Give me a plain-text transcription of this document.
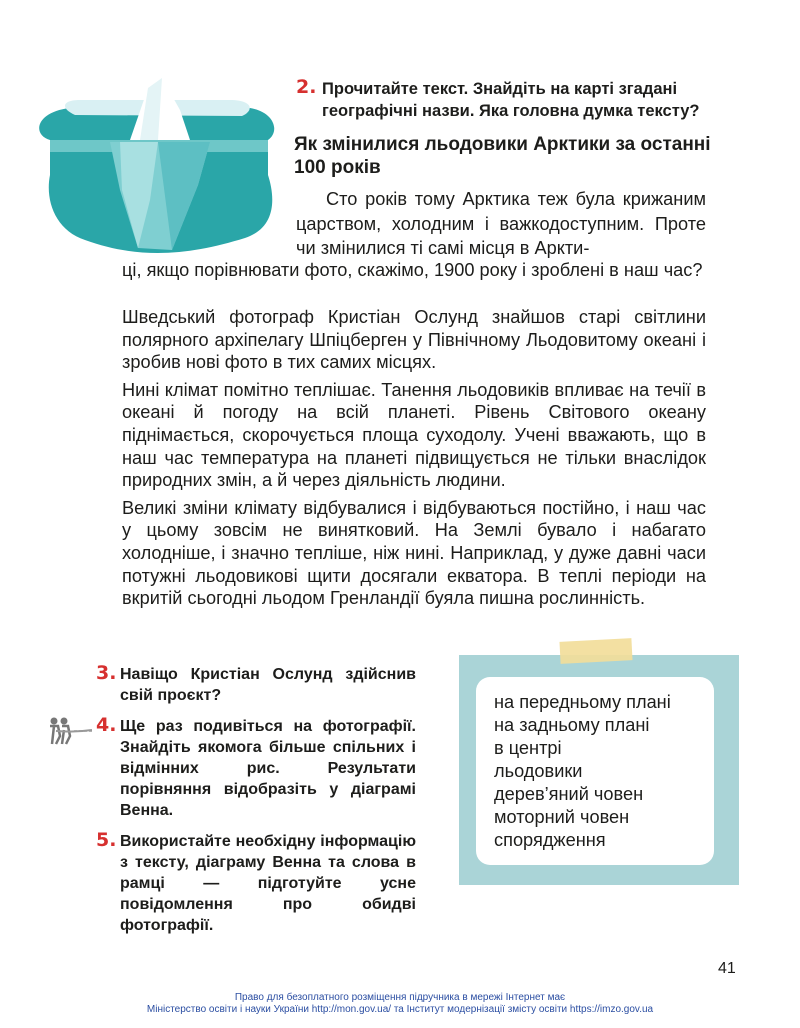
2. Прочитайте текст. Знайдіть на карті згадані географічні назви. Яка головна думка тексту?
Як змінилися льодовики Арктики за останні 100 років

Сто років тому Арктика теж була крижаним царством, холодним і важкодоступним. Проте чи змінилися ті самі місця в Аркти-

ці, якщо порівнювати фото, скажімо, 1900 року і зроблені в наш час?

Шведський фотограф Кристіан Ослунд знайшов старі світлини полярного архіпелагу Шпіцберген у Північному Льодовитому океані і зробив нові фото в тих самих місцях.

Нині клімат помітно теплішає. Танення льодовиків впливає на течії в океані й погоду на всій планеті. Рівень Світового океану піднімається, скорочується площа суходолу. Учені вважають, що в наш час температура на планеті підвищується не тільки внаслідок природних змін, а й через діяльність людини.

Великі зміни клімату відбувалися і відбуваються постійно, і наш час у цьому зовсім не винятковий. На Землі бувало і набагато холодніше, і значно тепліше, ніж нині. Наприклад, у дуже давні часи потужні льодовикові щити досягали екватора. В теплі періоди на вкритій сьогодні льодом Гренландії буяла пишна рослинність.

3. Навіщо Кристіан Ослунд здійснив свій проєкт?
4. Ще раз подивіться на фотографії. Знайдіть якомога більше спільних і відмінних рис. Результати порівняння відобразіть у діаграмі Венна.
5. Використайте необхідну інформацію з тексту, діаграму Венна та слова в рамці — підготуйте усне повідомлення про обидві фотографії.
на передньому плані
на задньому плані
в центрі
льодовики
дерев’яний човен
моторний човен
спорядження
41
Право для безоплатного розміщення підручника в мережі Інтернет має
Міністерство освіти і науки України http://mon.gov.ua/ та Інститут модернізації змісту освіти https://imzo.gov.ua
